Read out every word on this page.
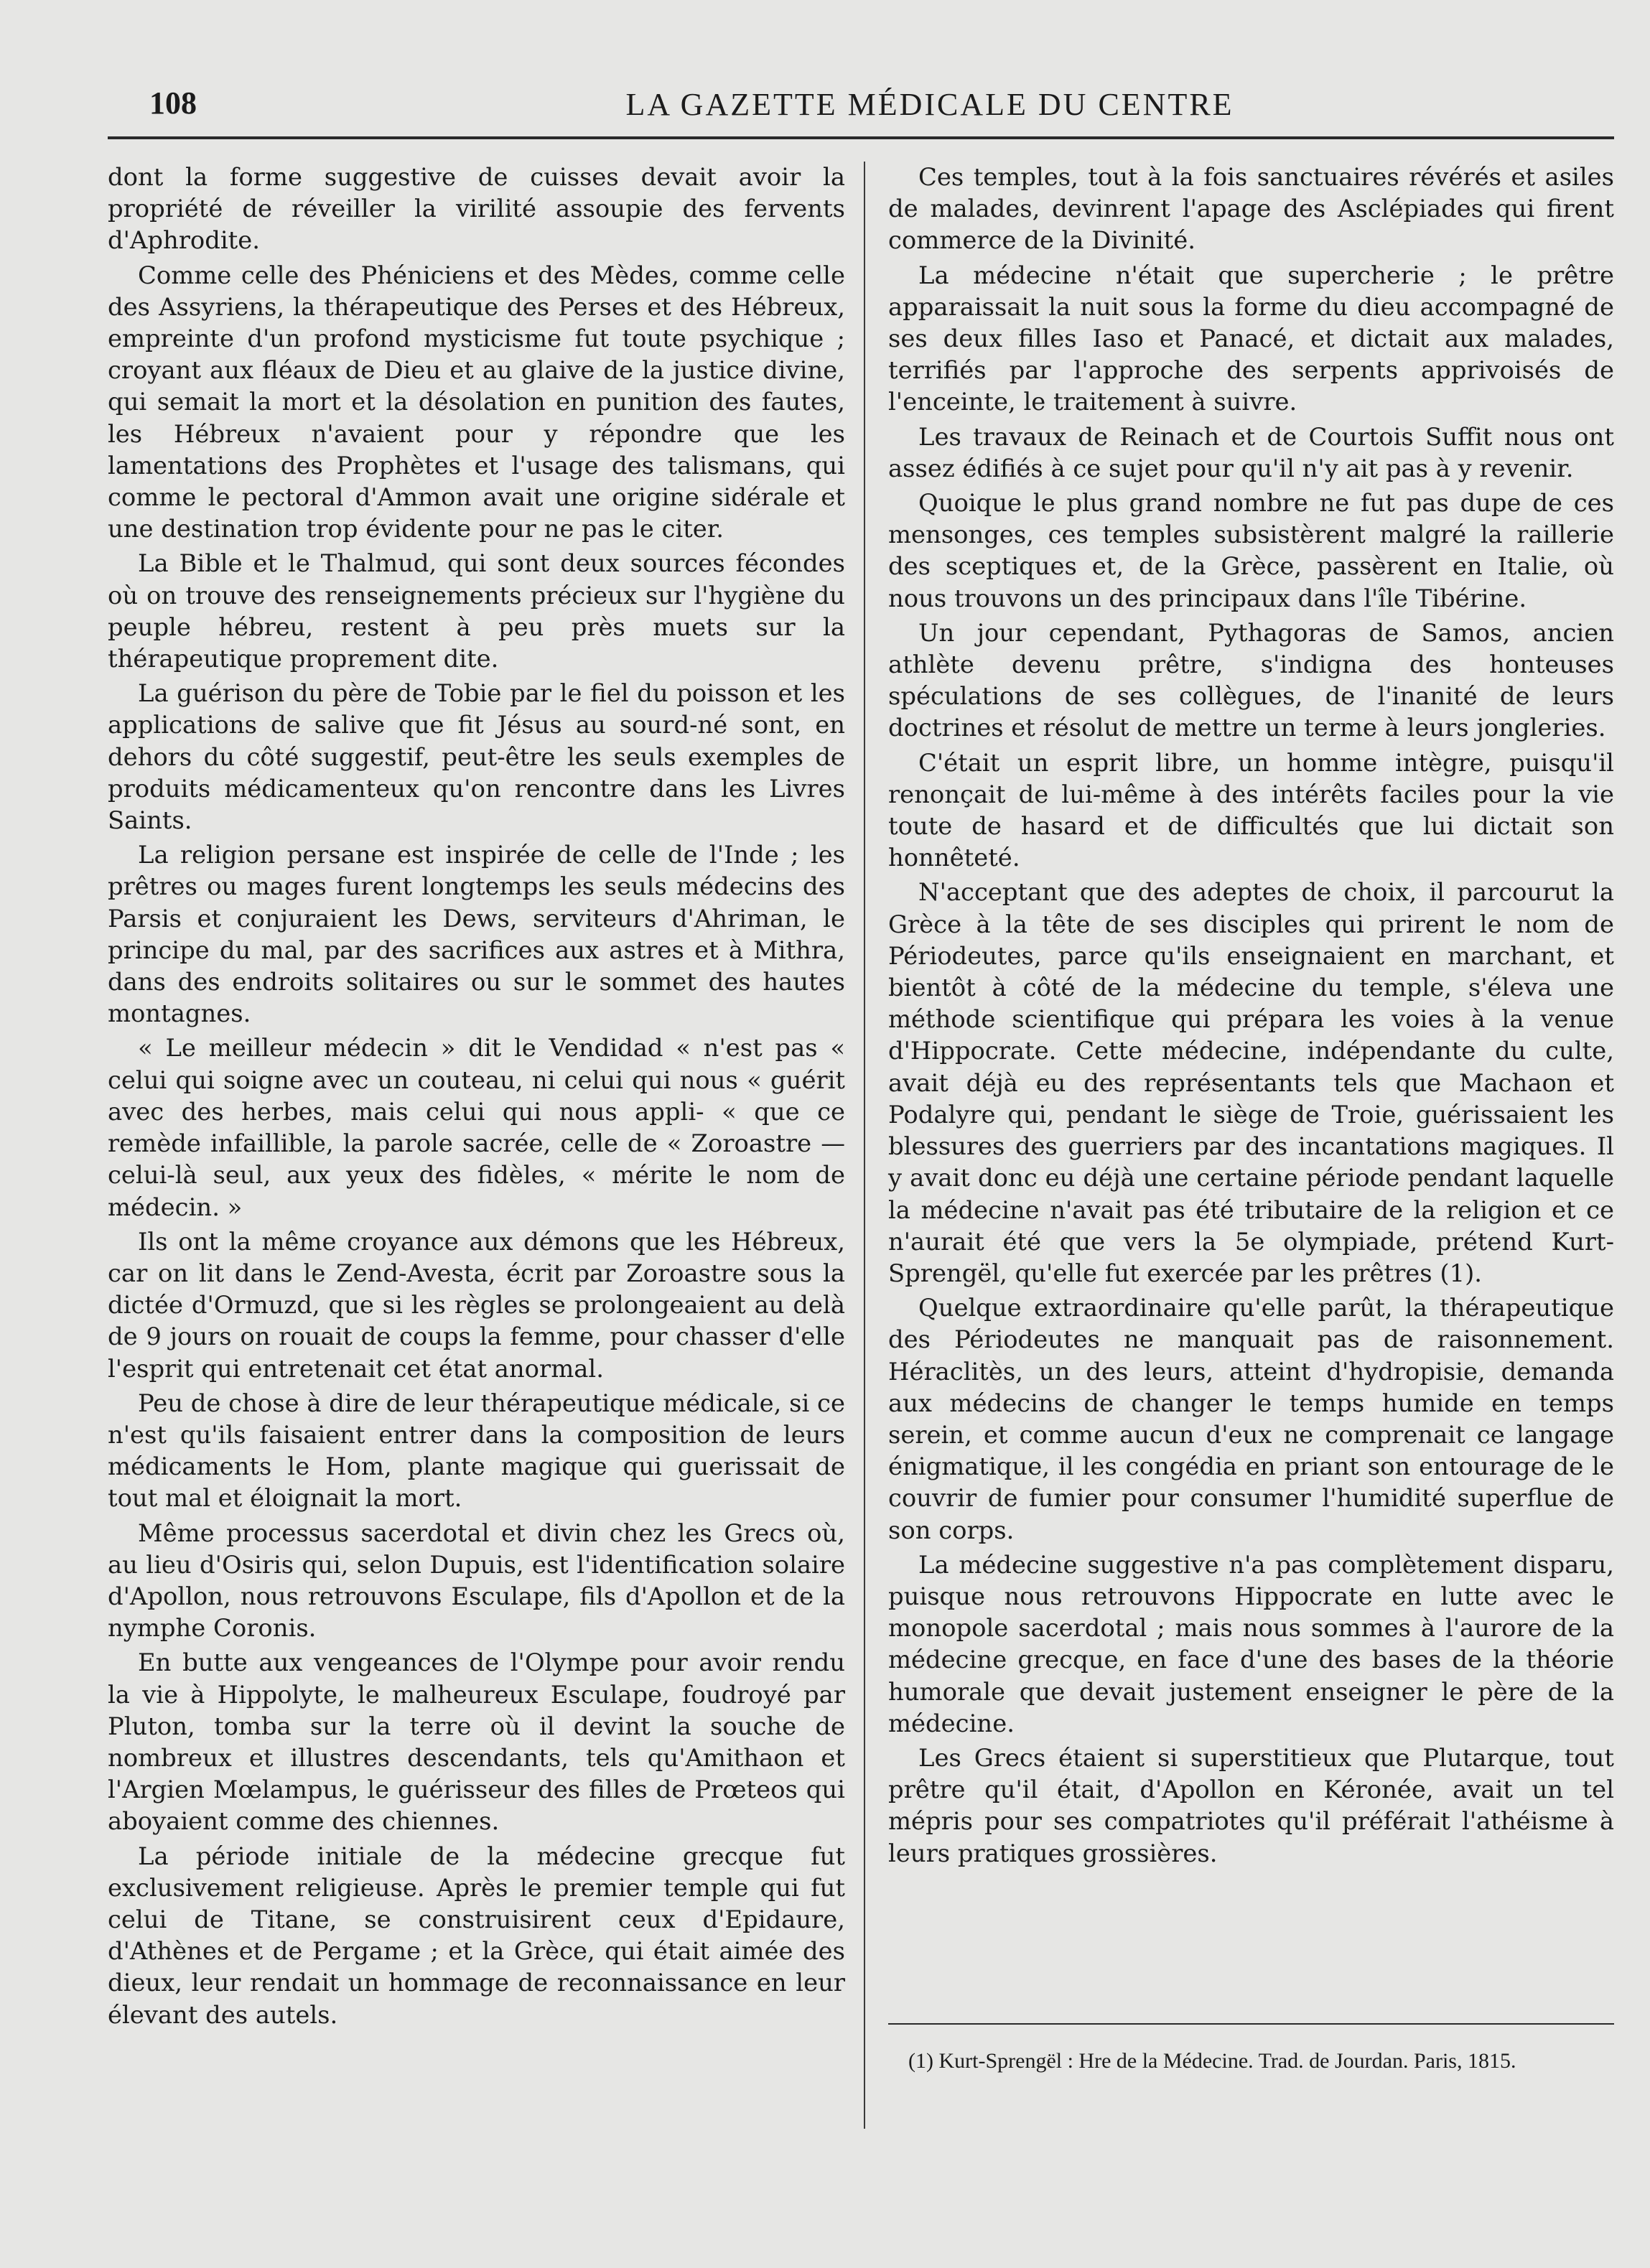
108	LA GAZETTE MÉDICALE DU CENTRE

dont la forme suggestive de cuisses devait avoir la propriété de réveiller la virilité assoupie des fervents d'Aphrodite.

Comme celle des Phéniciens et des Mèdes, comme celle des Assyriens, la thérapeutique des Perses et des Hébreux, empreinte d'un profond mysticisme fut toute psychique ; croyant aux fléaux de Dieu et au glaive de la justice divine, qui semait la mort et la désolation en punition des fautes, les Hébreux n'avaient pour y répondre que les lamentations des Prophètes et l'usage des talismans, qui comme le pectoral d'Ammon avait une origine sidérale et une destination trop évidente pour ne pas le citer.

La Bible et le Thalmud, qui sont deux sources fécondes où on trouve des renseignements précieux sur l'hygiène du peuple hébreu, restent à peu près muets sur la thérapeutique proprement dite.

La guérison du père de Tobie par le fiel du poisson et les applications de salive que fit Jésus au sourd-né sont, en dehors du côté suggestif, peut-être les seuls exemples de produits médicamenteux qu'on rencontre dans les Livres Saints.

La religion persane est inspirée de celle de l'Inde ; les prêtres ou mages furent longtemps les seuls médecins des Parsis et conjuraient les Dews, serviteurs d'Ahriman, le principe du mal, par des sacrifices aux astres et à Mithra, dans des endroits solitaires ou sur le sommet des hautes montagnes.

« Le meilleur médecin » dit le Vendidad « n'est pas « celui qui soigne avec un couteau, ni celui qui nous « guérit avec des herbes, mais celui qui nous appli- « que ce remède infaillible, la parole sacrée, celle de « Zoroastre — celui-là seul, aux yeux des fidèles, « mérite le nom de médecin. »

Ils ont la même croyance aux démons que les Hébreux, car on lit dans le Zend-Avesta, écrit par Zoroastre sous la dictée d'Ormuzd, que si les règles se prolongeaient au delà de 9 jours on rouait de coups la femme, pour chasser d'elle l'esprit qui entretenait cet état anormal.

Peu de chose à dire de leur thérapeutique médicale, si ce n'est qu'ils faisaient entrer dans la composition de leurs médicaments le Hom, plante magique qui guerissait de tout mal et éloignait la mort.

Même processus sacerdotal et divin chez les Grecs où, au lieu d'Osiris qui, selon Dupuis, est l'identification solaire d'Apollon, nous retrouvons Esculape, fils d'Apollon et de la nymphe Coronis.

En butte aux vengeances de l'Olympe pour avoir rendu la vie à Hippolyte, le malheureux Esculape, foudroyé par Pluton, tomba sur la terre où il devint la souche de nombreux et illustres descendants, tels qu'Amithaon et l'Argien Mœlampus, le guérisseur des filles de Prœteos qui aboyaient comme des chiennes.

La période initiale de la médecine grecque fut exclusivement religieuse. Après le premier temple qui fut celui de Titane, se construisirent ceux d'Epidaure, d'Athènes et de Pergame ; et la Grèce, qui était aimée des dieux, leur rendait un hommage de reconnaissance en leur élevant des autels.

Ces temples, tout à la fois sanctuaires révérés et asiles de malades, devinrent l'apage des Asclépiades qui firent commerce de la Divinité.

La médecine n'était que supercherie ; le prêtre apparaissait la nuit sous la forme du dieu accompagné de ses deux filles Iaso et Panacé, et dictait aux malades, terrifiés par l'approche des serpents apprivoisés de l'enceinte, le traitement à suivre.

Les travaux de Reinach et de Courtois Suffit nous ont assez édifiés à ce sujet pour qu'il n'y ait pas à y revenir.

Quoique le plus grand nombre ne fut pas dupe de ces mensonges, ces temples subsistèrent malgré la raillerie des sceptiques et, de la Grèce, passèrent en Italie, où nous trouvons un des principaux dans l'île Tibérine.

Un jour cependant, Pythagoras de Samos, ancien athlète devenu prêtre, s'indigna des honteuses spéculations de ses collègues, de l'inanité de leurs doctrines et résolut de mettre un terme à leurs jongleries.

C'était un esprit libre, un homme intègre, puisqu'il renonçait de lui-même à des intérêts faciles pour la vie toute de hasard et de difficultés que lui dictait son honnêteté.

N'acceptant que des adeptes de choix, il parcourut la Grèce à la tête de ses disciples qui prirent le nom de Périodeutes, parce qu'ils enseignaient en marchant, et bientôt à côté de la médecine du temple, s'éleva une méthode scientifique qui prépara les voies à la venue d'Hippocrate. Cette médecine, indépendante du culte, avait déjà eu des représentants tels que Machaon et Podalyre qui, pendant le siège de Troie, guérissaient les blessures des guerriers par des incantations magiques. Il y avait donc eu déjà une certaine période pendant laquelle la médecine n'avait pas été tributaire de la religion et ce n'aurait été que vers la 5e olympiade, prétend Kurt-Sprengël, qu'elle fut exercée par les prêtres (1).

Quelque extraordinaire qu'elle parût, la thérapeutique des Périodeutes ne manquait pas de raisonnement. Héraclitès, un des leurs, atteint d'hydropisie, demanda aux médecins de changer le temps humide en temps serein, et comme aucun d'eux ne comprenait ce langage énigmatique, il les congédia en priant son entourage de le couvrir de fumier pour consumer l'humidité superflue de son corps.

La médecine suggestive n'a pas complètement disparu, puisque nous retrouvons Hippocrate en lutte avec le monopole sacerdotal ; mais nous sommes à l'aurore de la médecine grecque, en face d'une des bases de la théorie humorale que devait justement enseigner le père de la médecine.

Les Grecs étaient si superstitieux que Plutarque, tout prêtre qu'il était, d'Apollon en Kéronée, avait un tel mépris pour ses compatriotes qu'il préférait l'athéisme à leurs pratiques grossières.

(1) Kurt-Sprengël : Hre de la Médecine. Trad. de Jourdan. Paris, 1815.
